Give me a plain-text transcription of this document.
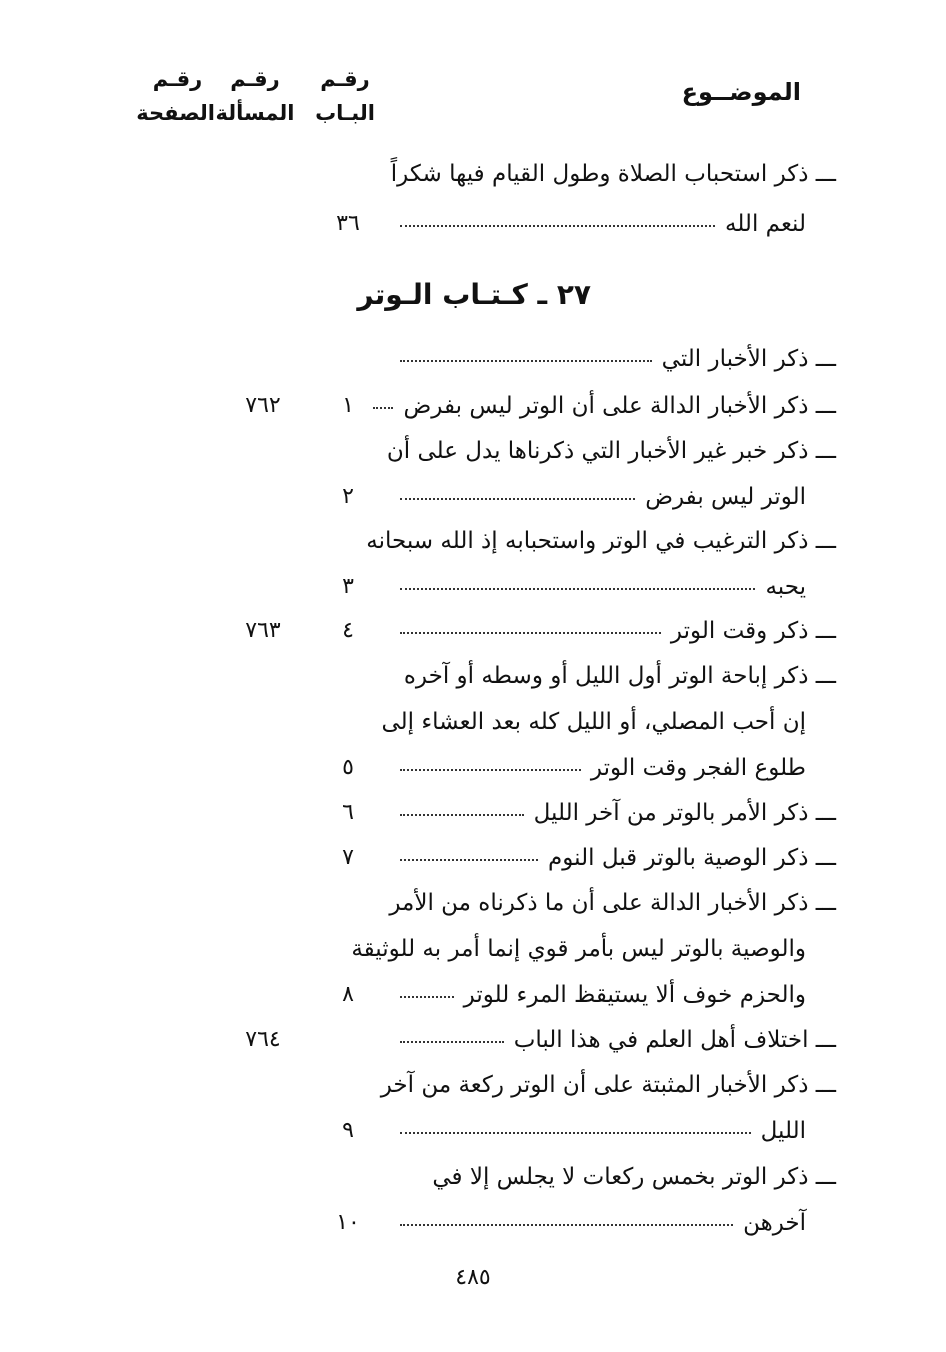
الموضــوع
رقـم
البـاب
رقـم
المسألة
رقـم
الصفحة
٢٧ ـ كـتـاب الـوتر
ـــ ذكر استحباب الصلاة وطول القيام فيها شكراً
لنعم الله
٣٦
ـــ ذكر الأخبار التي
ـــ ذكر الأخبار الدالة على أن الوتر ليس بفرض
١
٧٦٢
ـــ ذكر خبر غير الأخبار التي ذكرناها يدل على أن
الوتر ليس بفرض
٢
ـــ ذكر الترغيب في الوتر واستحبابه إذ الله سبحانه
يحبه
٣
ـــ ذكر وقت الوتر
٤
٧٦٣
ـــ ذكر إباحة الوتر أول الليل أو وسطه أو آخره
إن أحب المصلي، أو الليل كله بعد العشاء إلى
طلوع الفجر وقت الوتر
٥
ـــ ذكر الأمر بالوتر من آخر الليل
٦
ـــ ذكر الوصية بالوتر قبل النوم
٧
ـــ ذكر الأخبار الدالة على أن ما ذكرناه من الأمر
والوصية بالوتر ليس بأمر قوي إنما أمر به للوثيقة
والحزم خوف ألا يستيقظ المرء للوتر
٨
ـــ اختلاف أهل العلم في هذا الباب
٧٦٤
ـــ ذكر الأخبار المثبتة على أن الوتر ركعة من آخر
الليل
٩
ـــ ذكر الوتر بخمس ركعات لا يجلس إلا في
آخرهن
١٠
٤٨٥
